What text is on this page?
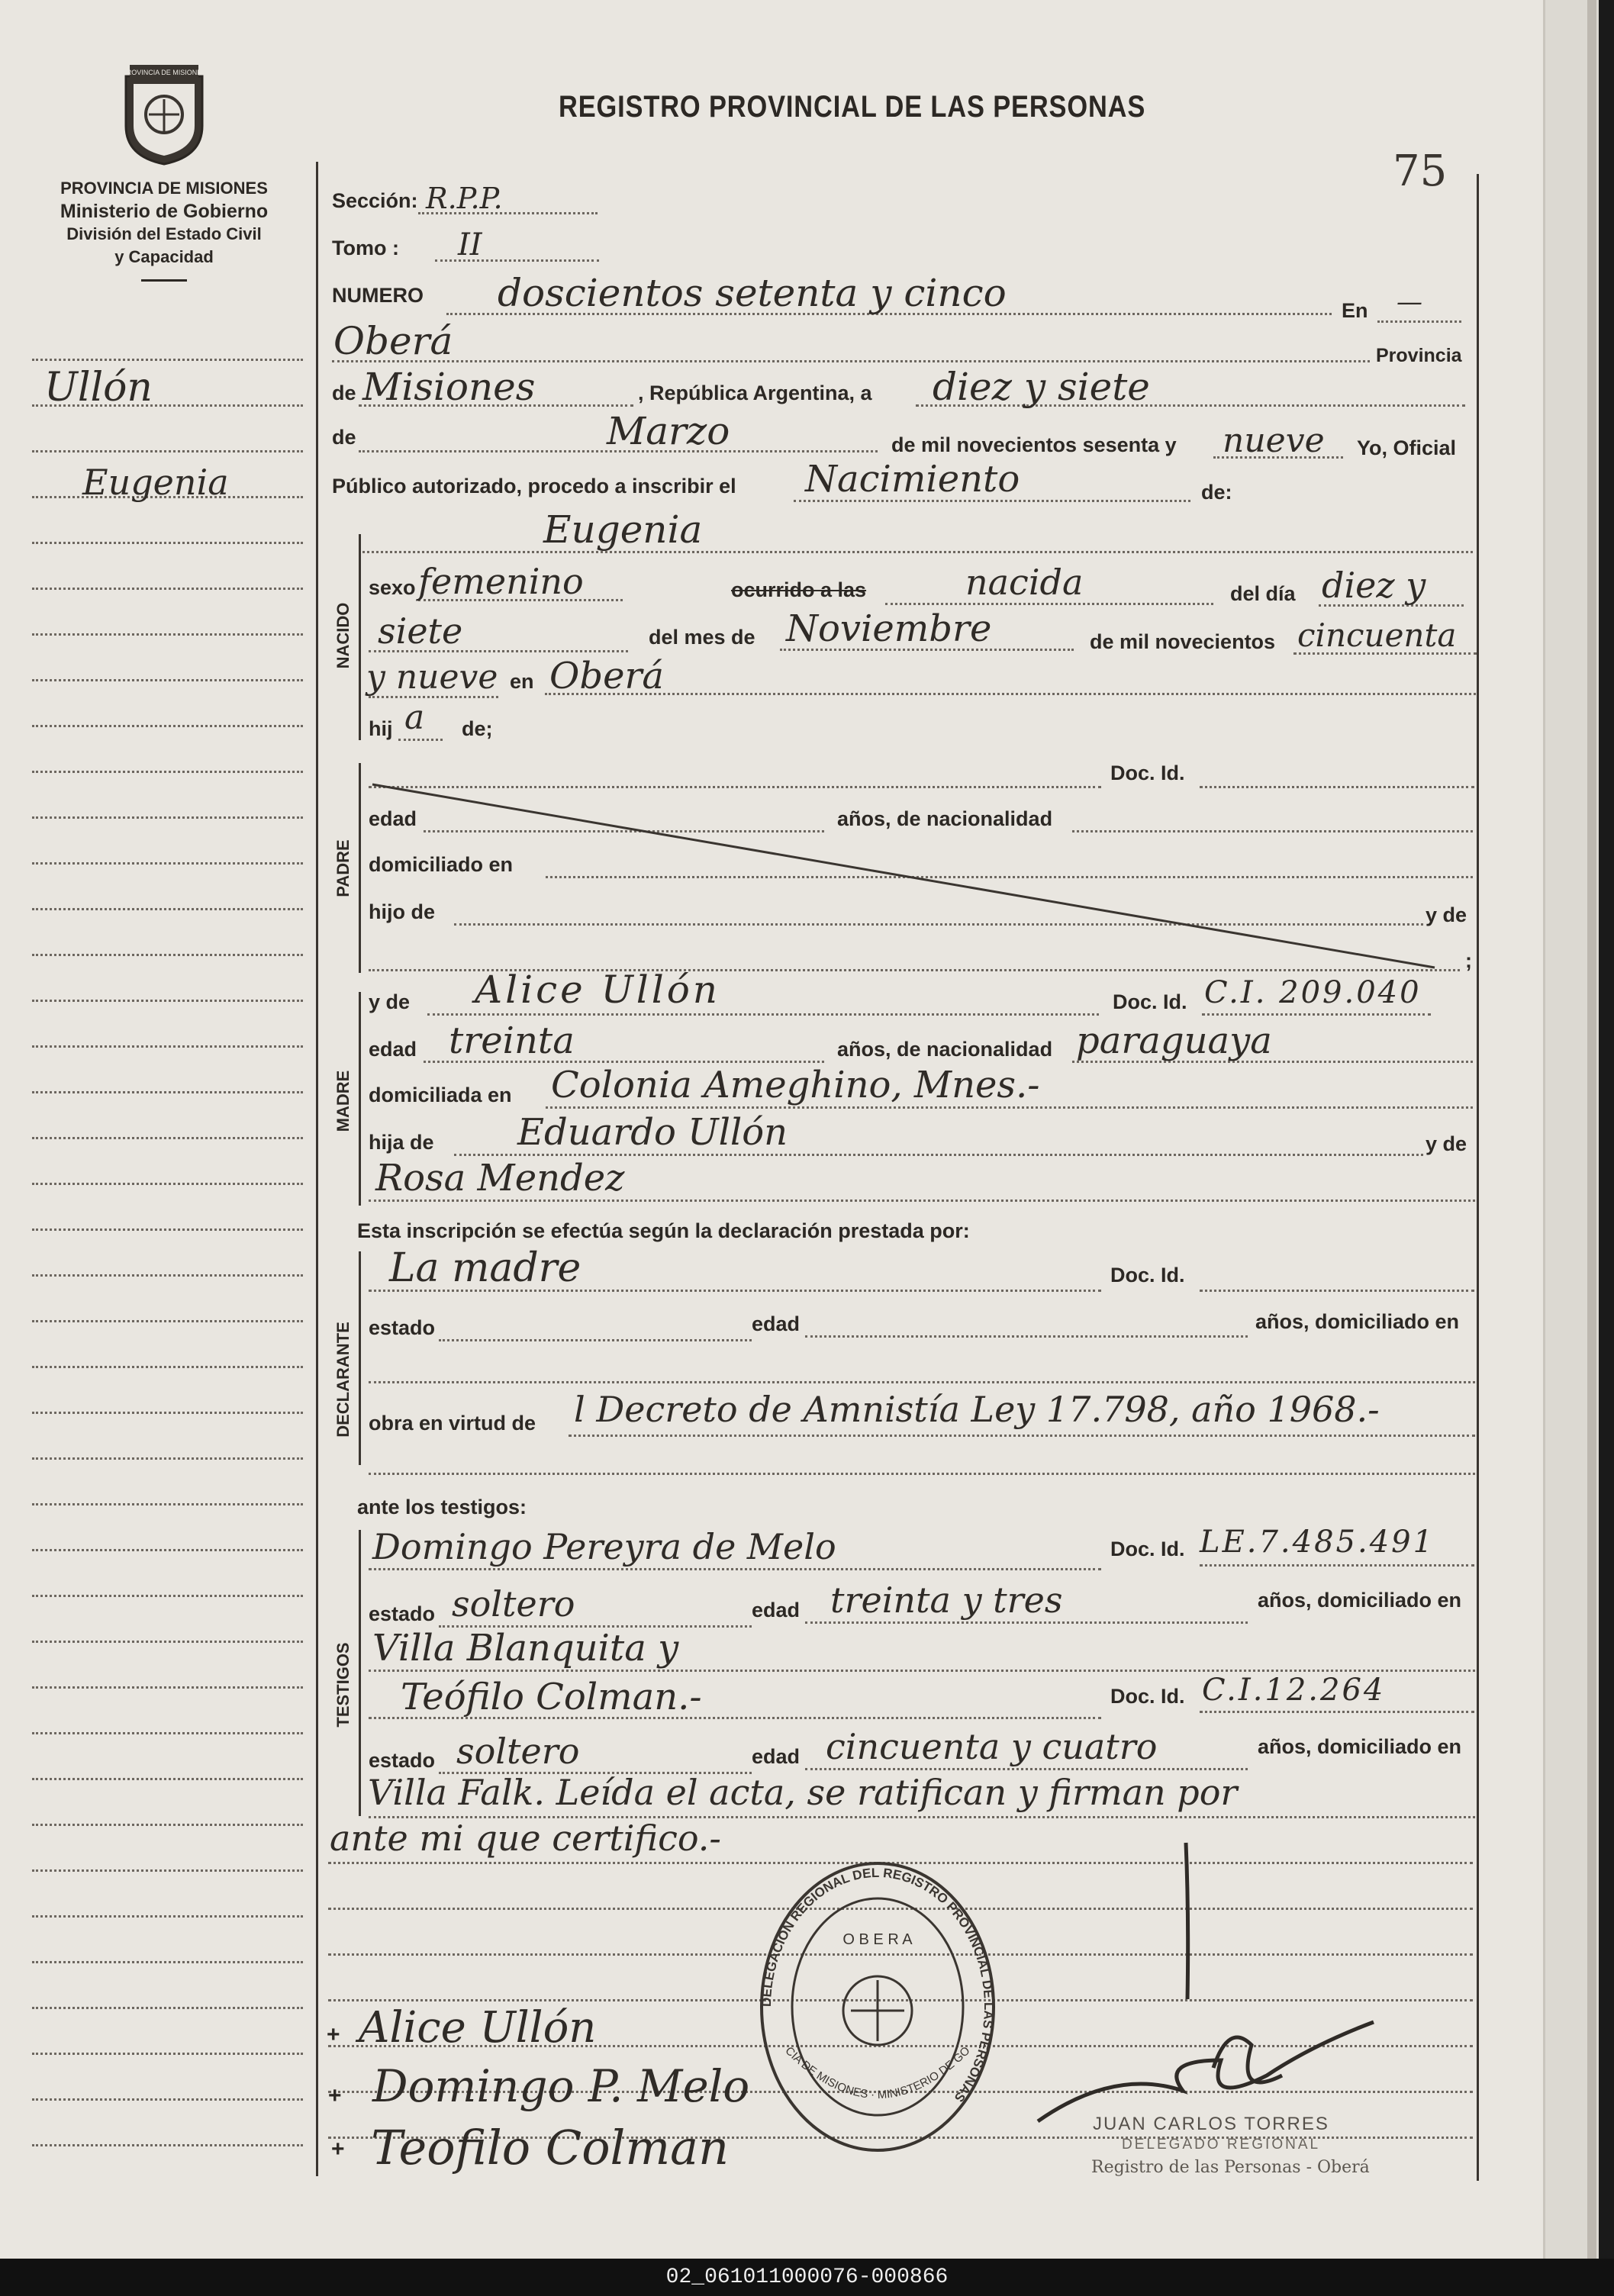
PROVINCIA DE MISIONES
PROVINCIA DE MISIONES
Ministerio de Gobierno
División del Estado Civil
y Capacidad
REGISTRO PROVINCIAL DE LAS PERSONAS
75
Ullón
Eugenia
Sección: R.P.P.
Tomo : II
NUMERO doscientos setenta y cinco	En —
Oberá	Provincia
de Misiones	, República Argentina, a diez y siete
de	Marzo	de mil novecientos sesenta y nueve Yo, Oficial
Público autorizado, procedo a inscribir el Nacimiento	de:
Eugenia
NACIDO
sexo femenino	ocurrido a las	nacida	del día diez y
siete	del mes de Noviembre	de mil novecientos cincuenta
y nueve en Oberá
hij a de;
PADRE
Doc. Id.
edad	años, de nacionalidad
domiciliado en
hijo de	y de
;
MADRE
y de Alice Ullón	Doc. Id. C.I. 209.040
edad treinta	años, de nacionalidad paraguaya
domiciliada en Colonia Ameghino, Mnes.-
hija de Eduardo Ullón	y de
Rosa Mendez
Esta inscripción se efectúa según la declaración prestada por:
DECLARANTE
La madre	Doc. Id.
estado	edad	años, domiciliado en
obra en virtud de l Decreto de Amnistía Ley 17.798, año 1968.-
ante los testigos:
TESTIGOS
Domingo Pereyra de Melo	Doc. Id. LE.7.485.491
estado soltero	edad treinta y tres	años, domiciliado en
Villa Blanquita y
Teófilo Colman.-	Doc. Id. C.I.12.264
estado soltero	edad cincuenta y cuatro	años, domiciliado en
Villa Falk. Leída el acta, se ratifican y firman por
ante mi que certifico.-
DELEGACION REGIONAL DEL REGISTRO PROVINCIAL DE LAS PERSONAS
O B E R A
CIA DE MISIONES · MINISTERIO DE GO
Alice Ullón
Domingo P. Melo
Teofilo Colman
+
+
+
JUAN CARLOS TORRES
DELEGADO REGIONAL
Registro de las Personas - Oberá
02_061011000076-000866
